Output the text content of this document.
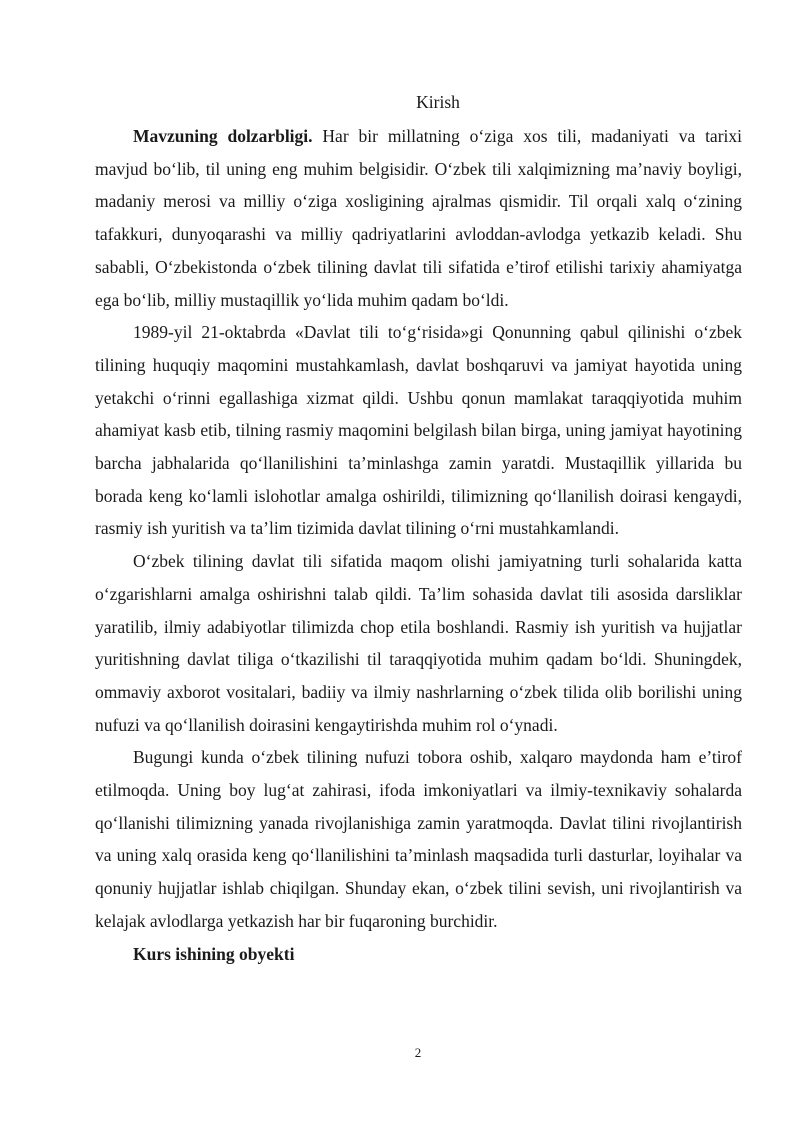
Kirish

Mavzuning dolzarbligi. Har bir millatning o‘ziga xos tili, madaniyati va tarixi mavjud bo‘lib, til uning eng muhim belgisidir. O‘zbek tili xalqimizning ma’naviy boyligi, madaniy merosi va milliy o‘ziga xosligining ajralmas qismidir. Til orqali xalq o‘zining tafakkuri, dunyoqarashi va milliy qadriyatlarini avloddan-avlodga yetkazib keladi. Shu sababli, O‘zbekistonda o‘zbek tilining davlat tili sifatida e’tirof etilishi tarixiy ahamiyatga ega bo‘lib, milliy mustaqillik yo‘lida muhim qadam bo‘ldi.

1989-yil 21-oktabrda «Davlat tili to‘g‘risida»gi Qonunning qabul qilinishi o‘zbek tilining huquqiy maqomini mustahkamlash, davlat boshqaruvi va jamiyat hayotida uning yetakchi o‘rinni egallashiga xizmat qildi. Ushbu qonun mamlakat taraqqiyotida muhim ahamiyat kasb etib, tilning rasmiy maqomini belgilash bilan birga, uning jamiyat hayotining barcha jabhalarida qo‘llanilishini ta’minlashga zamin yaratdi. Mustaqillik yillarida bu borada keng ko‘lamli islohotlar amalga oshirildi, tilimizning qo‘llanilish doirasi kengaydi, rasmiy ish yuritish va ta’lim tizimida davlat tilining o‘rni mustahkamlandi.

O‘zbek tilining davlat tili sifatida maqom olishi jamiyatning turli sohalarida katta o‘zgarishlarni amalga oshirishni talab qildi. Ta’lim sohasida davlat tili asosida darsliklar yaratilib, ilmiy adabiyotlar tilimizda chop etila boshlandi. Rasmiy ish yuritish va hujjatlar yuritishning davlat tiliga o‘tkazilishi til taraqqiyotida muhim qadam bo‘ldi. Shuningdek, ommaviy axborot vositalari, badiiy va ilmiy nashrlarning o‘zbek tilida olib borilishi uning nufuzi va qo‘llanilish doirasini kengaytirishda muhim rol o‘ynadi.

Bugungi kunda o‘zbek tilining nufuzi tobora oshib, xalqaro maydonda ham e’tirof etilmoqda. Uning boy lug‘at zahirasi, ifoda imkoniyatlari va ilmiy-texnikaviy sohalarda qo‘llanishi tilimizning yanada rivojlanishiga zamin yaratmoqda. Davlat tilini rivojlantirish va uning xalq orasida keng qo‘llanilishini ta’minlash maqsadida turli dasturlar, loyihalar va qonuniy hujjatlar ishlab chiqilgan. Shunday ekan, o‘zbek tilini sevish, uni rivojlantirish va kelajak avlodlarga yetkazish har bir fuqaroning burchidir.

Kurs ishining obyekti

2
